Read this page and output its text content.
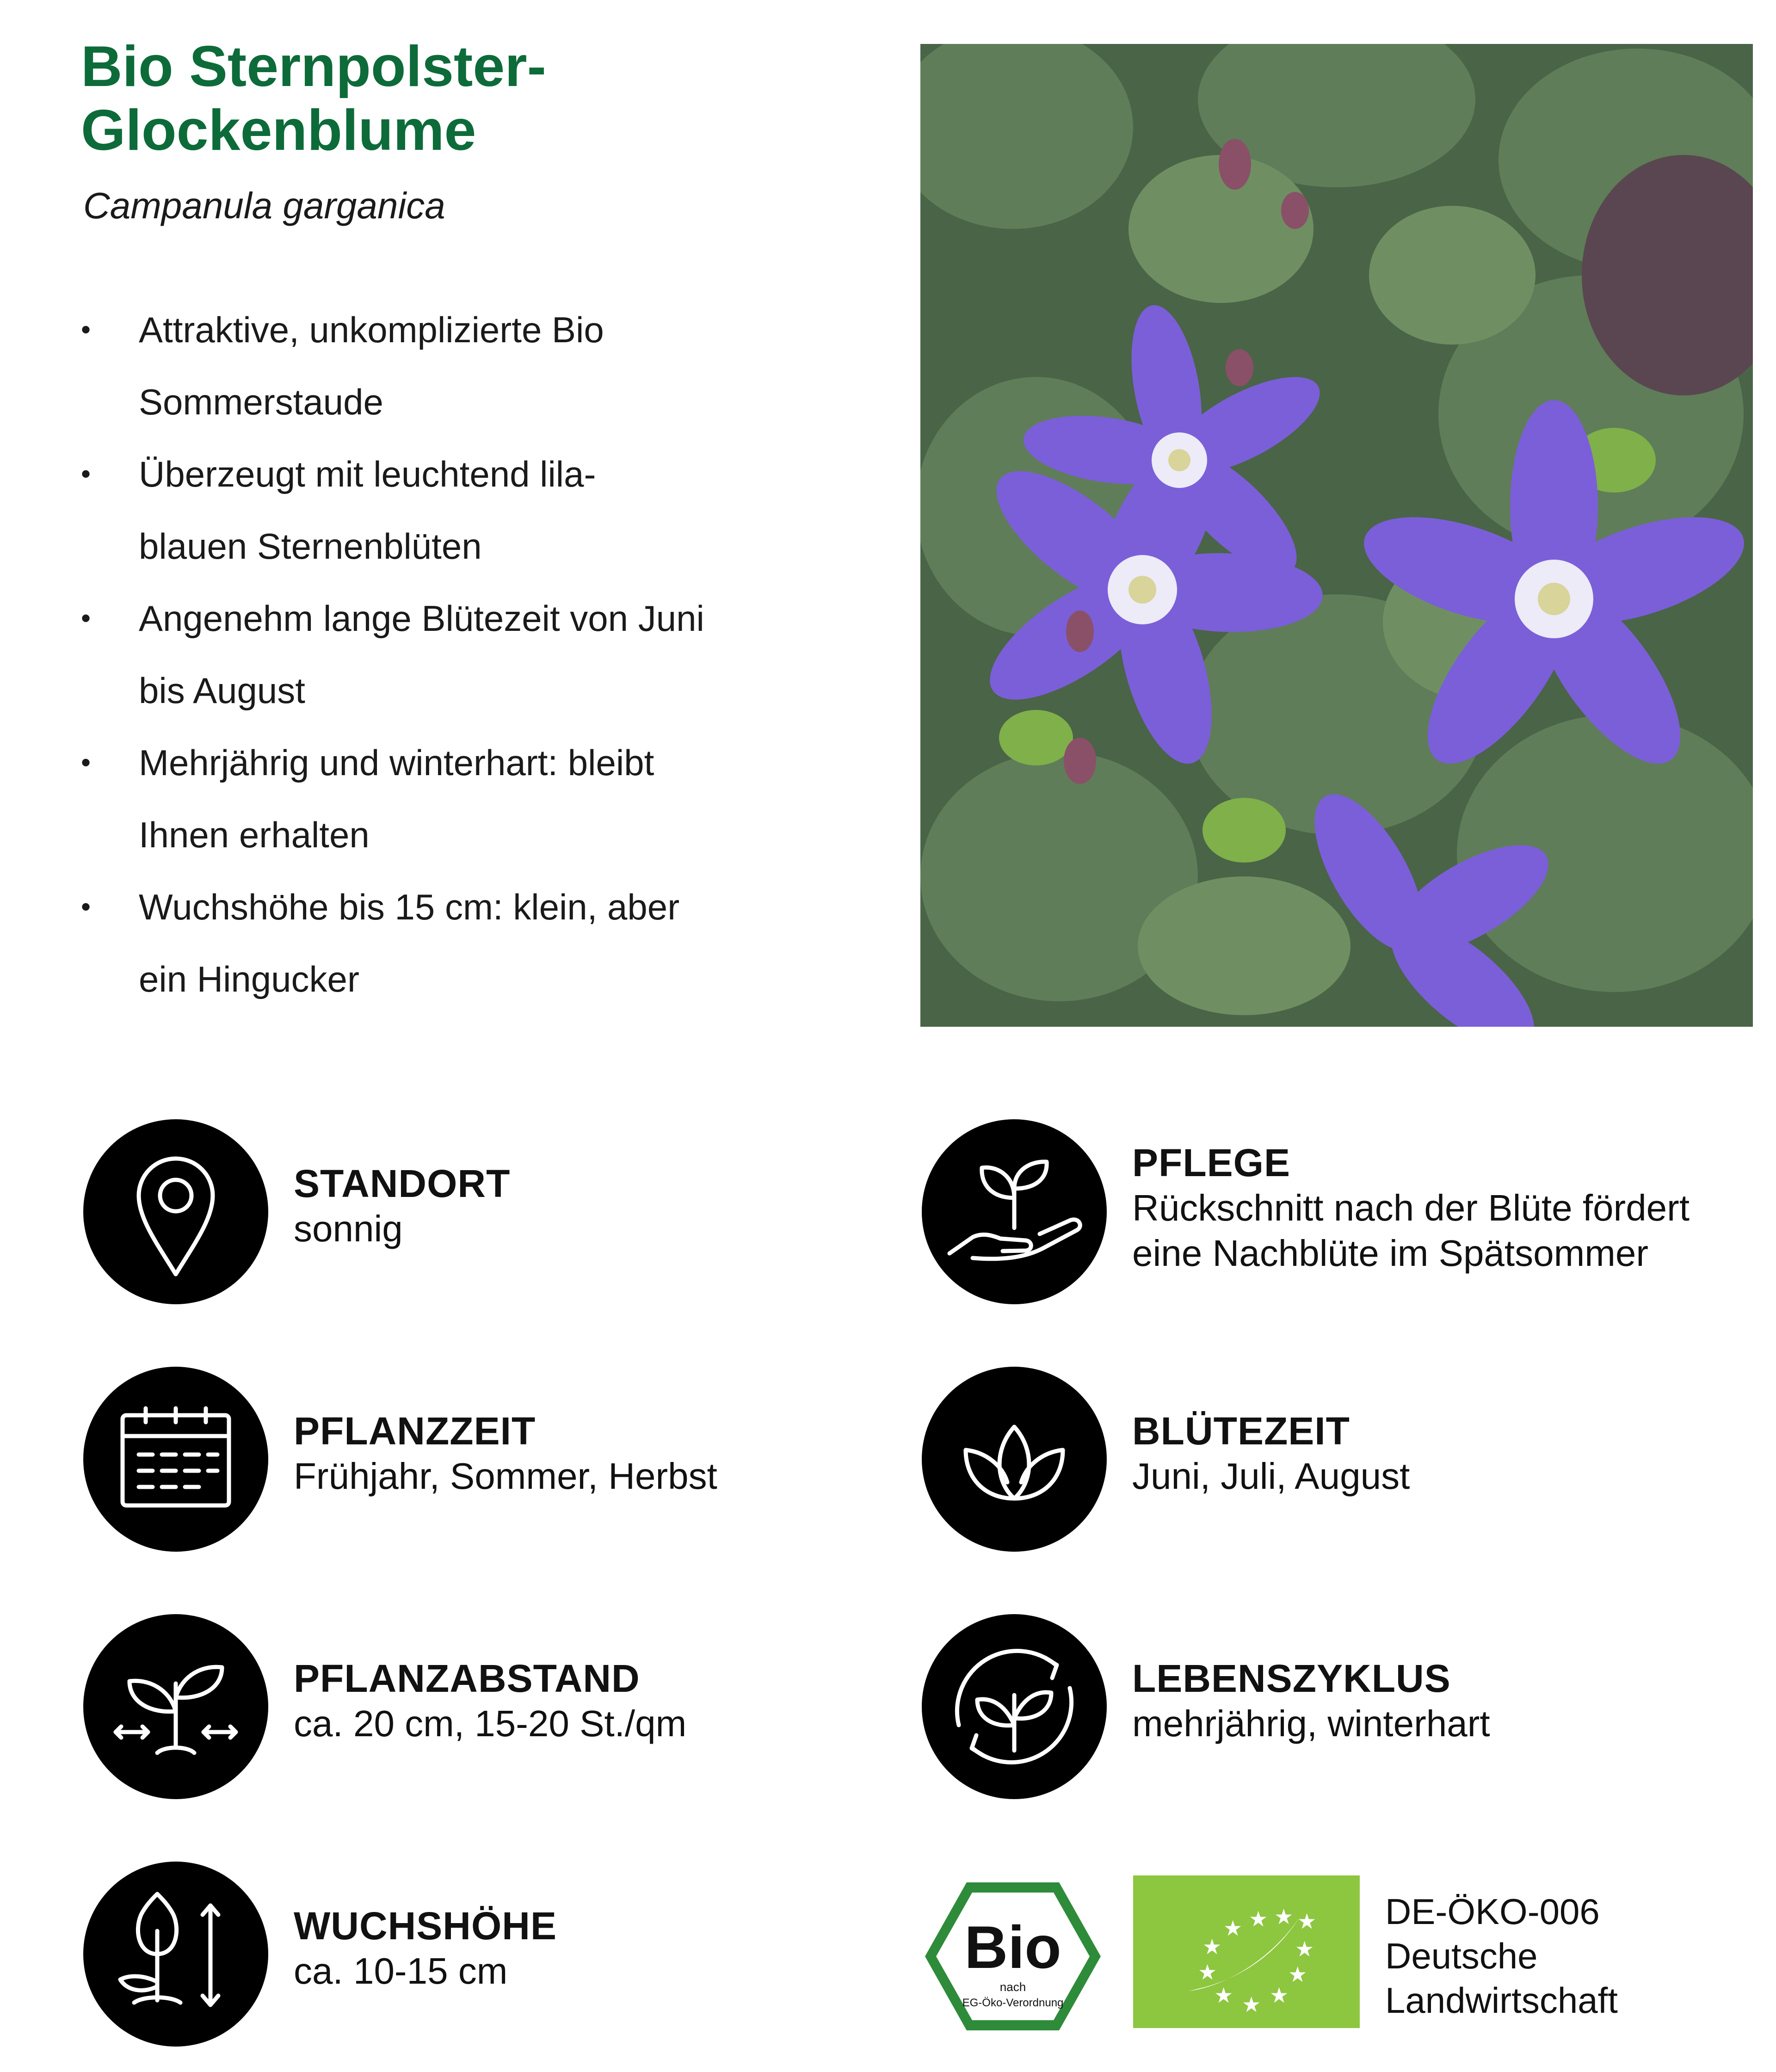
Bio Sternpolster-
Glockenblume
Campanula garganica
• Attraktive, unkomplizierte Bio
Sommerstaude
• Überzeugt mit leuchtend lila-
blauen Sternenblüten
• Angenehm lange Blütezeit von Juni
bis August
• Mehrjährig und winterhart: bleibt
Ihnen erhalten
• Wuchshöhe bis 15 cm: klein, aber
ein Hingucker
STANDORT
sonnig
PFLEGE
Rückschnitt nach der Blüte fördert
eine Nachblüte im Spätsommer
PFLANZZEIT
Frühjahr, Sommer, Herbst
BLÜTEZEIT
Juni, Juli, August
PFLANZABSTAND
ca. 20 cm, 15-20 St./qm
LEBENSZYKLUS
mehrjährig, winterhart
WUCHSHÖHE
ca. 10-15 cm	Bio
nach
EG-Öko-Verordnung
★
★ ★ ★ ★
★
★ ★ ★
★
★
DE-ÖKO-006
Deutsche
Landwirtschaft
